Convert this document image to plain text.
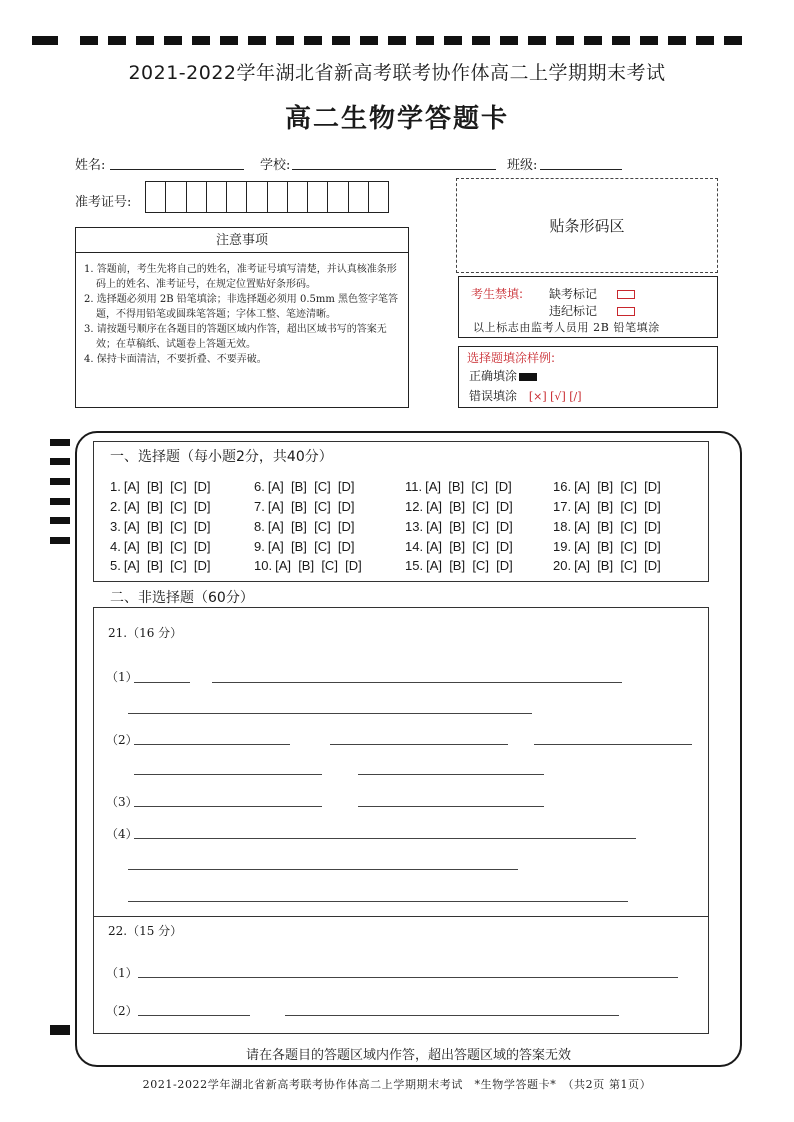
2021-2022学年湖北省新高考联考协作体高二上学期期末考试
高二生物学答题卡
姓名:	学校:	班级:
准考证号:
注意事项
1. 答题前，考生先将自己的姓名，准考证号填写清楚，并认真核准条形码上的姓名、准考证号，在规定位置贴好条形码。
2. 选择题必须用 2B 铅笔填涂；非选择题必须用 0.5mm 黑色签字笔答题，不得用铅笔或圆珠笔答题；字体工整、笔迹清晰。
3. 请按题号顺序在各题目的答题区域内作答，超出区域书写的答案无效；在草稿纸、试题卷上答题无效。
4. 保持卡面清洁，不要折叠、不要弄破。
贴条形码区
考生禁填: 缺考标记
违纪标记
以上标志由监考人员用 2B 铅笔填涂
选择题填涂样例:
正确填涂
错误填涂 [×] [√] [/]
一、选择题（每小题2分，共40分）
1. [A]  [B]  [C]  [D]
2. [A]  [B]  [C]  [D]
3. [A]  [B]  [C]  [D]
4. [A]  [B]  [C]  [D]
5. [A]  [B]  [C]  [D]
6. [A]  [B]  [C]  [D]
7. [A]  [B]  [C]  [D]
8. [A]  [B]  [C]  [D]
9. [A]  [B]  [C]  [D]
10. [A]  [B]  [C]  [D]
11. [A]  [B]  [C]  [D]
12. [A]  [B]  [C]  [D]
13. [A]  [B]  [C]  [D]
14. [A]  [B]  [C]  [D]
15. [A]  [B]  [C]  [D]
16. [A]  [B]  [C]  [D]
17. [A]  [B]  [C]  [D]
18. [A]  [B]  [C]  [D]
19. [A]  [B]  [C]  [D]
20. [A]  [B]  [C]  [D]
二、非选择题（60分）
21.（16 分）
（1）
（2）
（3）
（4）
22.（15 分）
（1）
（2）
请在各题目的答题区域内作答，超出答题区域的答案无效
2021-2022学年湖北省新高考联考协作体高二上学期期末考试　*生物学答题卡*　（共2页 第1页）
